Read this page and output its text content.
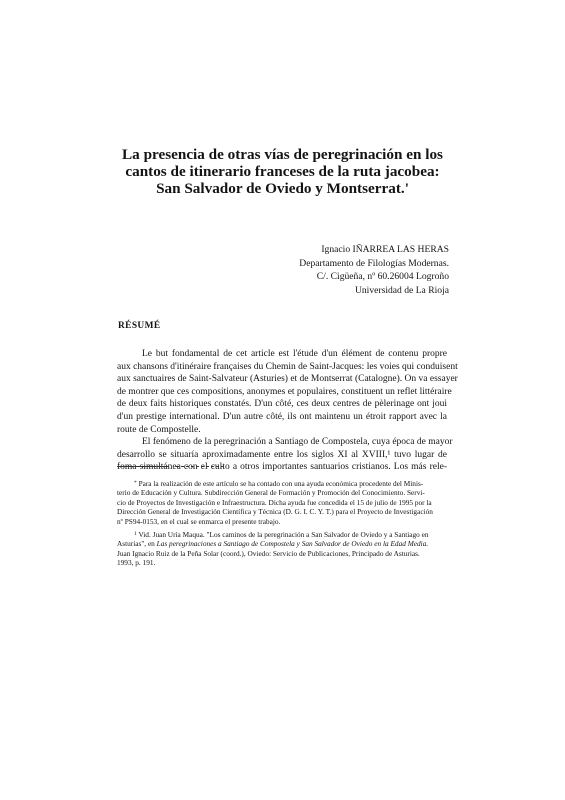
La presencia de otras vías de peregrinación en los
cantos de itinerario franceses de la ruta jacobea:
San Salvador de Oviedo y Montserrat.'
Ignacio IÑARREA LAS HERAS
Departamento de Filologías Modernas.
C/. Cigüeña, nº 60.26004 Logroño
Universidad de La Rioja
RÉSUMÉ
Le but fondamental de cet article est l'étude d'un élément de contenu propre
aux chansons d'itinéraire françaises du Chemin de Saint-Jacques: les voies qui conduisent
aux sanctuaires de Saint-Salvateur (Asturies) et de Montserrat (Catalogne). On va essayer
de montrer que ces compositions, anonymes et populaires, constituent un reflet littéraire
de deux faits historiques constatés. D'un côté, ces deux centres de pèlerinage ont joui
d'un prestige international. D'un autre côté, ils ont maintenu un étroit rapport avec la
route de Compostelle.
El fenómeno de la peregrinación a Santiago de Compostela, cuya época de mayor
desarrollo se situaría aproximadamente entre los siglos XI al XVIII,¹ tuvo lugar de
foma simultánea con el culto a otros importantes santuarios cristianos. Los más rele-
* Para la realización de este artículo se ha contado con una ayuda económica procedente del Minis-
terio de Educación y Cultura. Subdirección General de Formación y Promoción del Conocimiento. Servi-
cio de Proyectos de Investigación e Infraestructura. Dicha ayuda fue concedida el 15 de julio de 1995 por la
Dirección General de Investigación Científica y Técnica (D. G. I. C. Y. T.) para el Proyecto de Investigación
nº PS94-0153, en el cual se enmarca el presente trabajo.
$^1$ Vid. Juan Uría Maqua. "Los caminos de la peregrinación a San Salvador de Oviedo y a Santiago en
Asturias", en Las peregrinaciones a Santiago de Compostela y San Salvador de Oviedo en la Edad Media.
Juan Ignacio Ruiz de la Peña Solar (coord.), Oviedo: Servicio de Publicaciones, Principado de Asturias.
1993, p. 191.
